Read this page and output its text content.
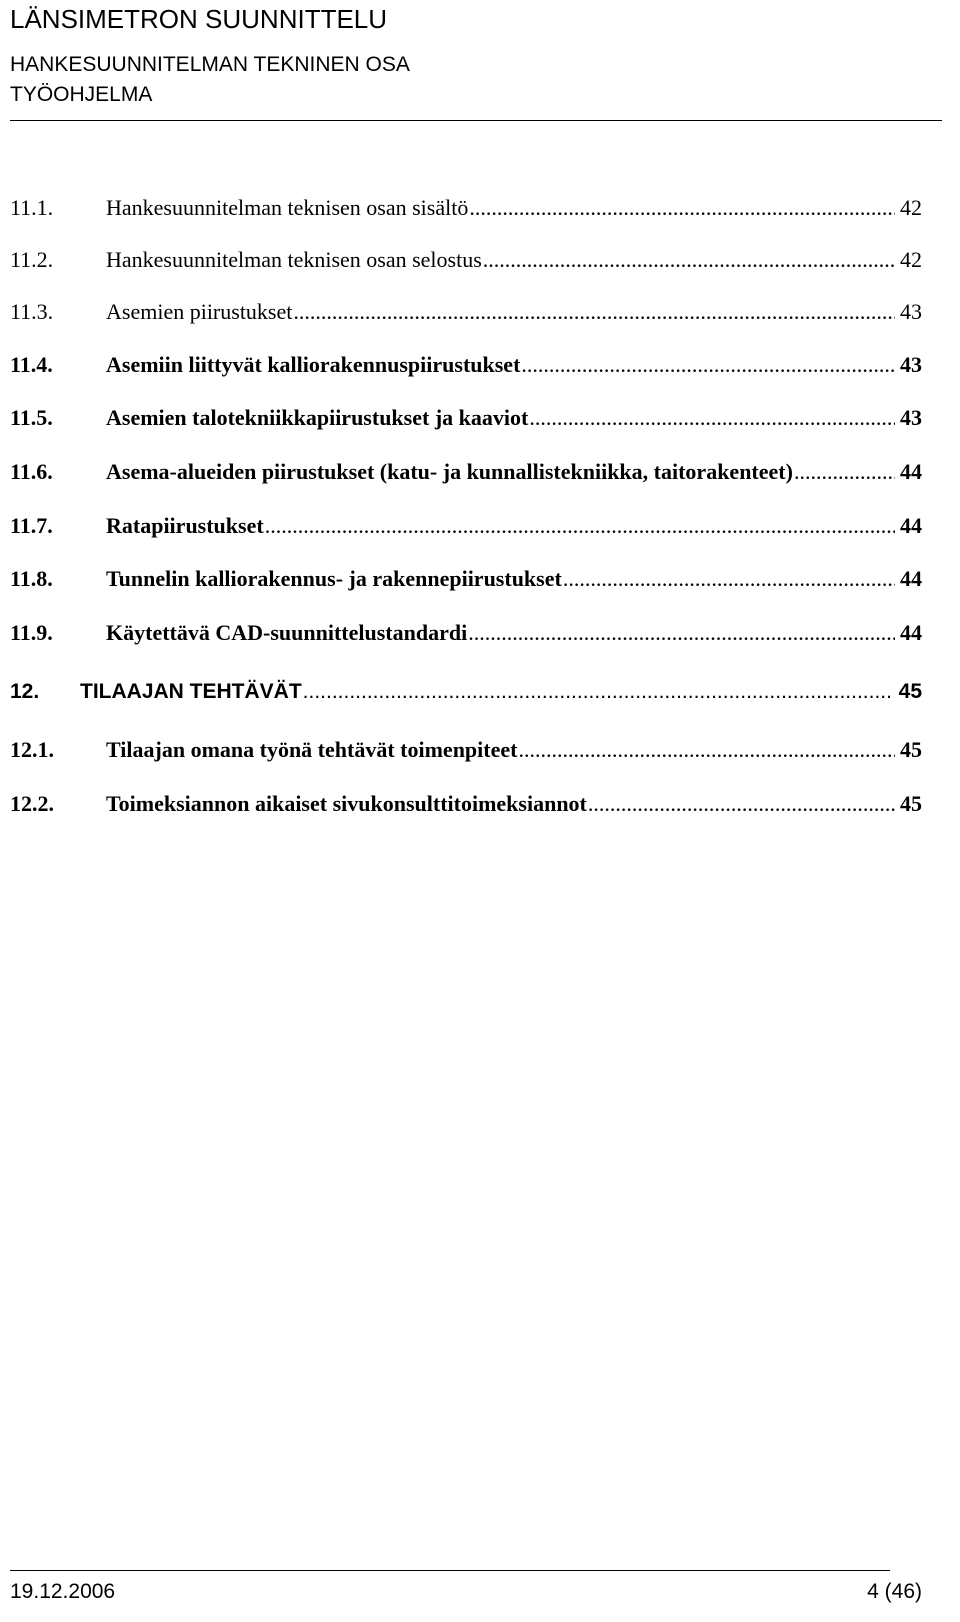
LÄNSIMETRON SUUNNITTELU
HANKESUUNNITELMAN TEKNINEN OSA
TYÖOHJELMA
11.1.	Hankesuunnitelman teknisen osan sisältö .....	42
11.2.	Hankesuunnitelman teknisen osan selostus .....	42
11.3.	Asemien piirustukset .....	43
11.4.	Asemiin liittyvät kalliorakennuspiirustukset .....	43
11.5.	Asemien talotekniikkapiirustukset ja kaaviot .....	43
11.6.	Asema-alueiden piirustukset (katu- ja kunnallistekniikka, taitorakenteet) .....	44
11.7.	Ratapiirustukset .....	44
11.8.	Tunnelin kalliorakennus- ja rakennepiirustukset .....	44
11.9.	Käytettävä CAD-suunnittelustandardi .....	44
12.	TILAAJAN TEHTÄVÄT .....	45
12.1.	Tilaajan omana työnä tehtävät toimenpiteet .....	45
12.2.	Toimeksiannon aikaiset sivukonsulttitoimeksiannot .....	45
19.12.2006	4 (46)
